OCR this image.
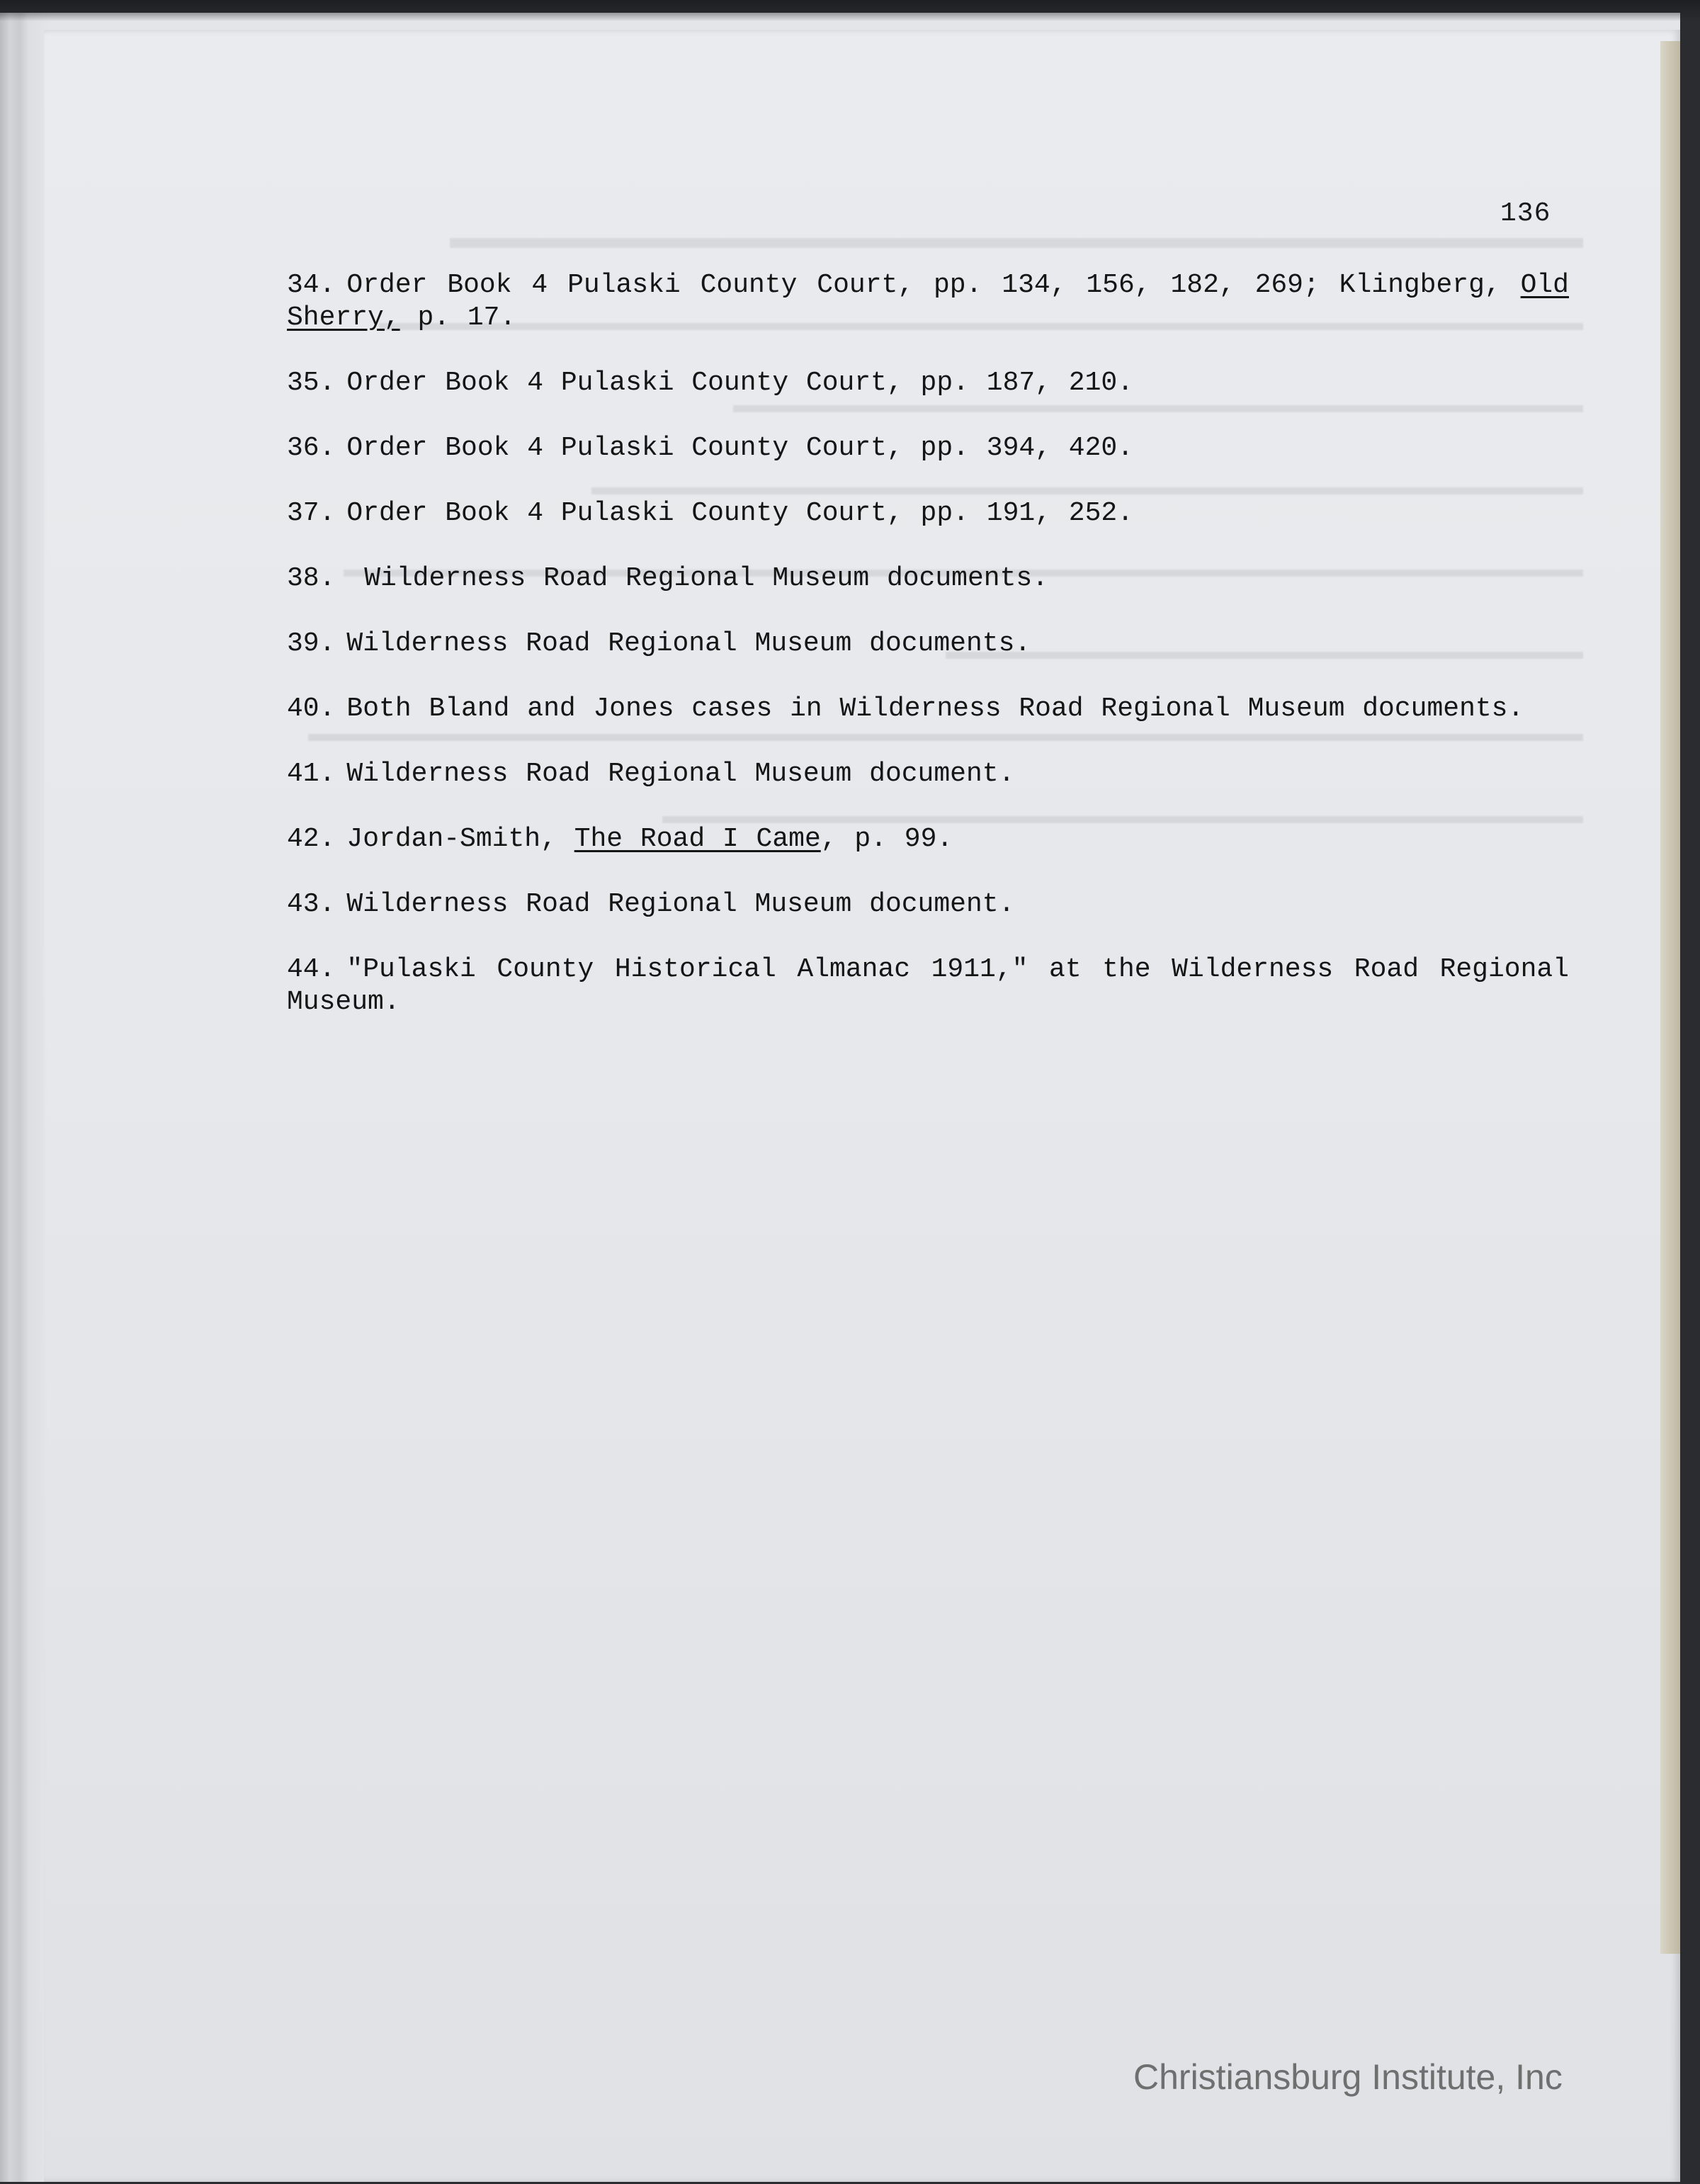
136

34. Order Book 4 Pulaski County Court, pp. 134, 156, 182, 269; Klingberg, Old Sherry, p. 17.

35. Order Book 4 Pulaski County Court, pp. 187, 210.

36. Order Book 4 Pulaski County Court, pp. 394, 420.

37. Order Book 4 Pulaski County Court, pp. 191, 252.

38. Wilderness Road Regional Museum documents.

39. Wilderness Road Regional Museum documents.

40. Both Bland and Jones cases in Wilderness Road Regional Museum documents.

41. Wilderness Road Regional Museum document.

42. Jordan-Smith, The Road I Came, p. 99.

43. Wilderness Road Regional Museum document.

44. "Pulaski County Historical Almanac 1911," at the Wilderness Road Regional Museum.

Christiansburg Institute, Inc
